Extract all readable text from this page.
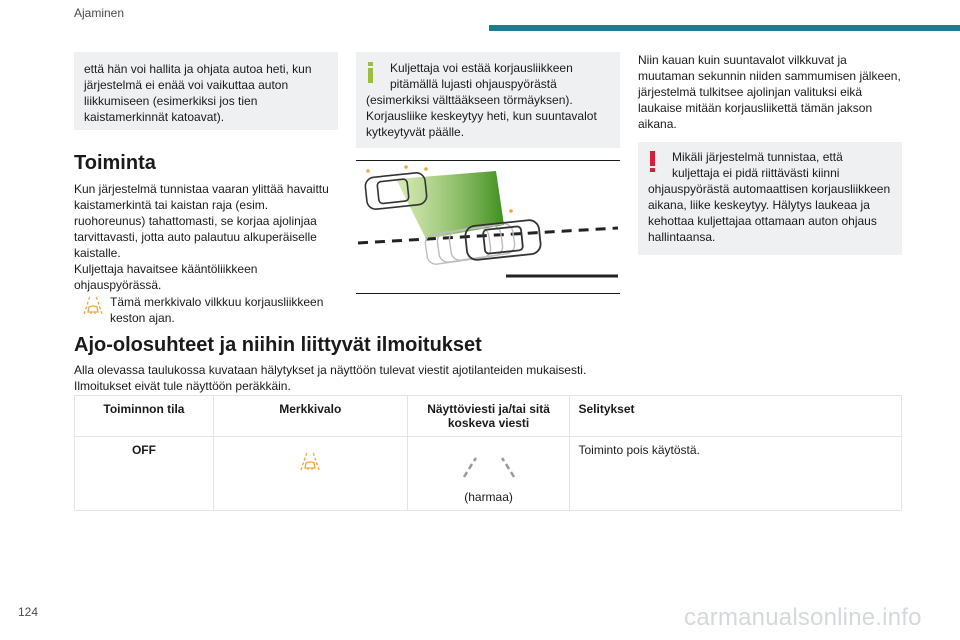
Ajaminen
että hän voi hallita ja ohjata autoa heti, kun järjestelmä ei enää voi vaikuttaa auton liikkumiseen (esimerkiksi jos tien kaistamerkinnät katoavat).
Toiminta
Kun järjestelmä tunnistaa vaaran ylittää havaittu kaistamerkintä tai kaistan raja (esim. ruohoreunus) tahattomasti, se korjaa ajolinjaa tarvittavasti, jotta auto palautuu alkuperäiselle kaistalle.
Kuljettaja havaitsee kääntöliikkeen ohjauspyörässä.
Tämä merkkivalo vilkkuu korjausliikkeen keston ajan.
Kuljettaja voi estää korjausliikkeen pitämällä lujasti ohjauspyörästä
(esimerkiksi välttääkseen törmäyksen). Korjausliike keskeytyy heti, kun suuntavalot kytkeytyvät päälle.
Niin kauan kuin suuntavalot vilkkuvat ja muutaman sekunnin niiden sammumisen jälkeen, järjestelmä tulkitsee ajolinjan valituksi eikä laukaise mitään korjausliikettä tämän jakson aikana.
Mikäli järjestelmä tunnistaa, että kuljettaja ei pidä riittävästi kiinni
ohjauspyörästä automaattisen korjausliikkeen aikana, liike keskeytyy. Hälytys laukeaa ja kehottaa kuljettajaa ottamaan auton ohjaus hallintaansa.
Ajo-olosuhteet ja niihin liittyvät ilmoitukset
Alla olevassa taulukossa kuvataan hälytykset ja näyttöön tulevat viestit ajotilanteiden mukaisesti.
Ilmoitukset eivät tule näyttöön peräkkäin.
Toiminnon tila	Merkkivalo	Näyttöviesti ja/tai sitä koskeva viesti	Selitykset
OFF		(harmaa)	Toiminto pois käytöstä.
124	carmanualsonline.info
